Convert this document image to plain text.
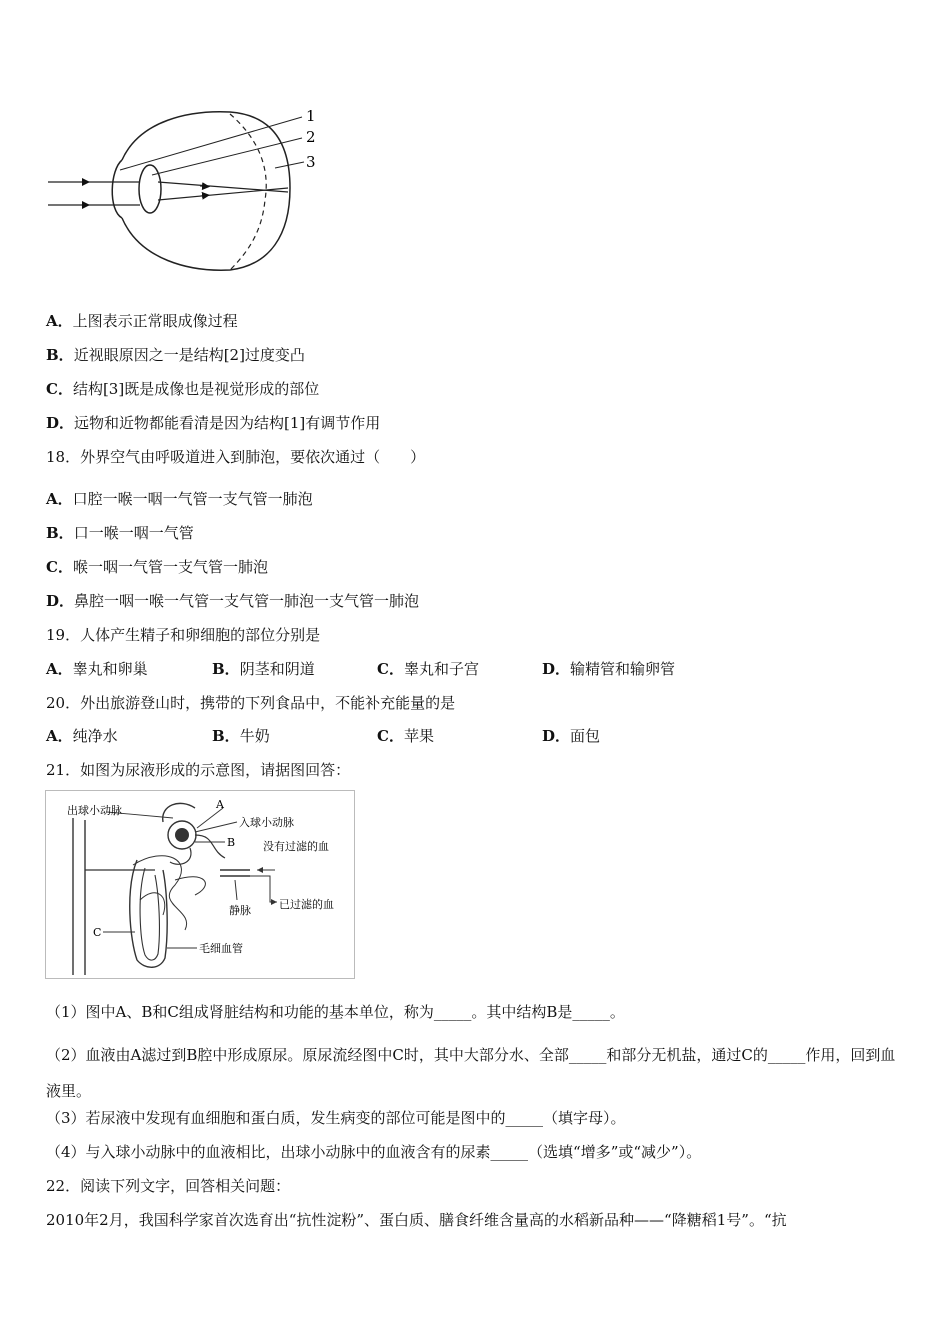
1
2
3
A．上图表示正常眼成像过程
B．近视眼原因之一是结构[2]过度变凸
C．结构[3]既是成像也是视觉形成的部位
D．远物和近物都能看清是因为结构[1]有调节作用
18．外界空气由呼吸道进入到肺泡，要依次通过（　　）
A．口腔一喉一咽一气管一支气管一肺泡
B．口一喉一咽一气管
C．喉一咽一气管一支气管一肺泡
D．鼻腔一咽一喉一气管一支气管一肺泡一支气管一肺泡
19．人体产生精子和卵细胞的部位分别是
A．睾丸和卵巢	B．阴茎和阴道	C．睾丸和子宫	D．输精管和输卵管
20．外出旅游登山时，携带的下列食品中，不能补充能量的是
A．纯净水	B．牛奶	C．苹果	D．面包
21．如图为尿液形成的示意图，请据图回答：
出球小动脉	A
入球小动脉
B	没有过滤的血
静脉	已过滤的血
C
毛细血管
（1）图中A、B和C组成肾脏结构和功能的基本单位，称为_____。其中结构B是_____。
（2）血液由A滤过到B腔中形成原尿。原尿流经图中C时，其中大部分水、全部_____和部分无机盐，通过C的_____作用，回到血液里。
（3）若尿液中发现有血细胞和蛋白质，发生病变的部位可能是图中的_____（填字母）。
（4）与入球小动脉中的血液相比，出球小动脉中的血液含有的尿素_____（选填“增多”或“减少”）。
22．阅读下列文字，回答相关问题：
2010年2月，我国科学家首次选育出“抗性淀粉”、蛋白质、膳食纤维含量高的水稻新品种——“降糖稻1号”。“抗
